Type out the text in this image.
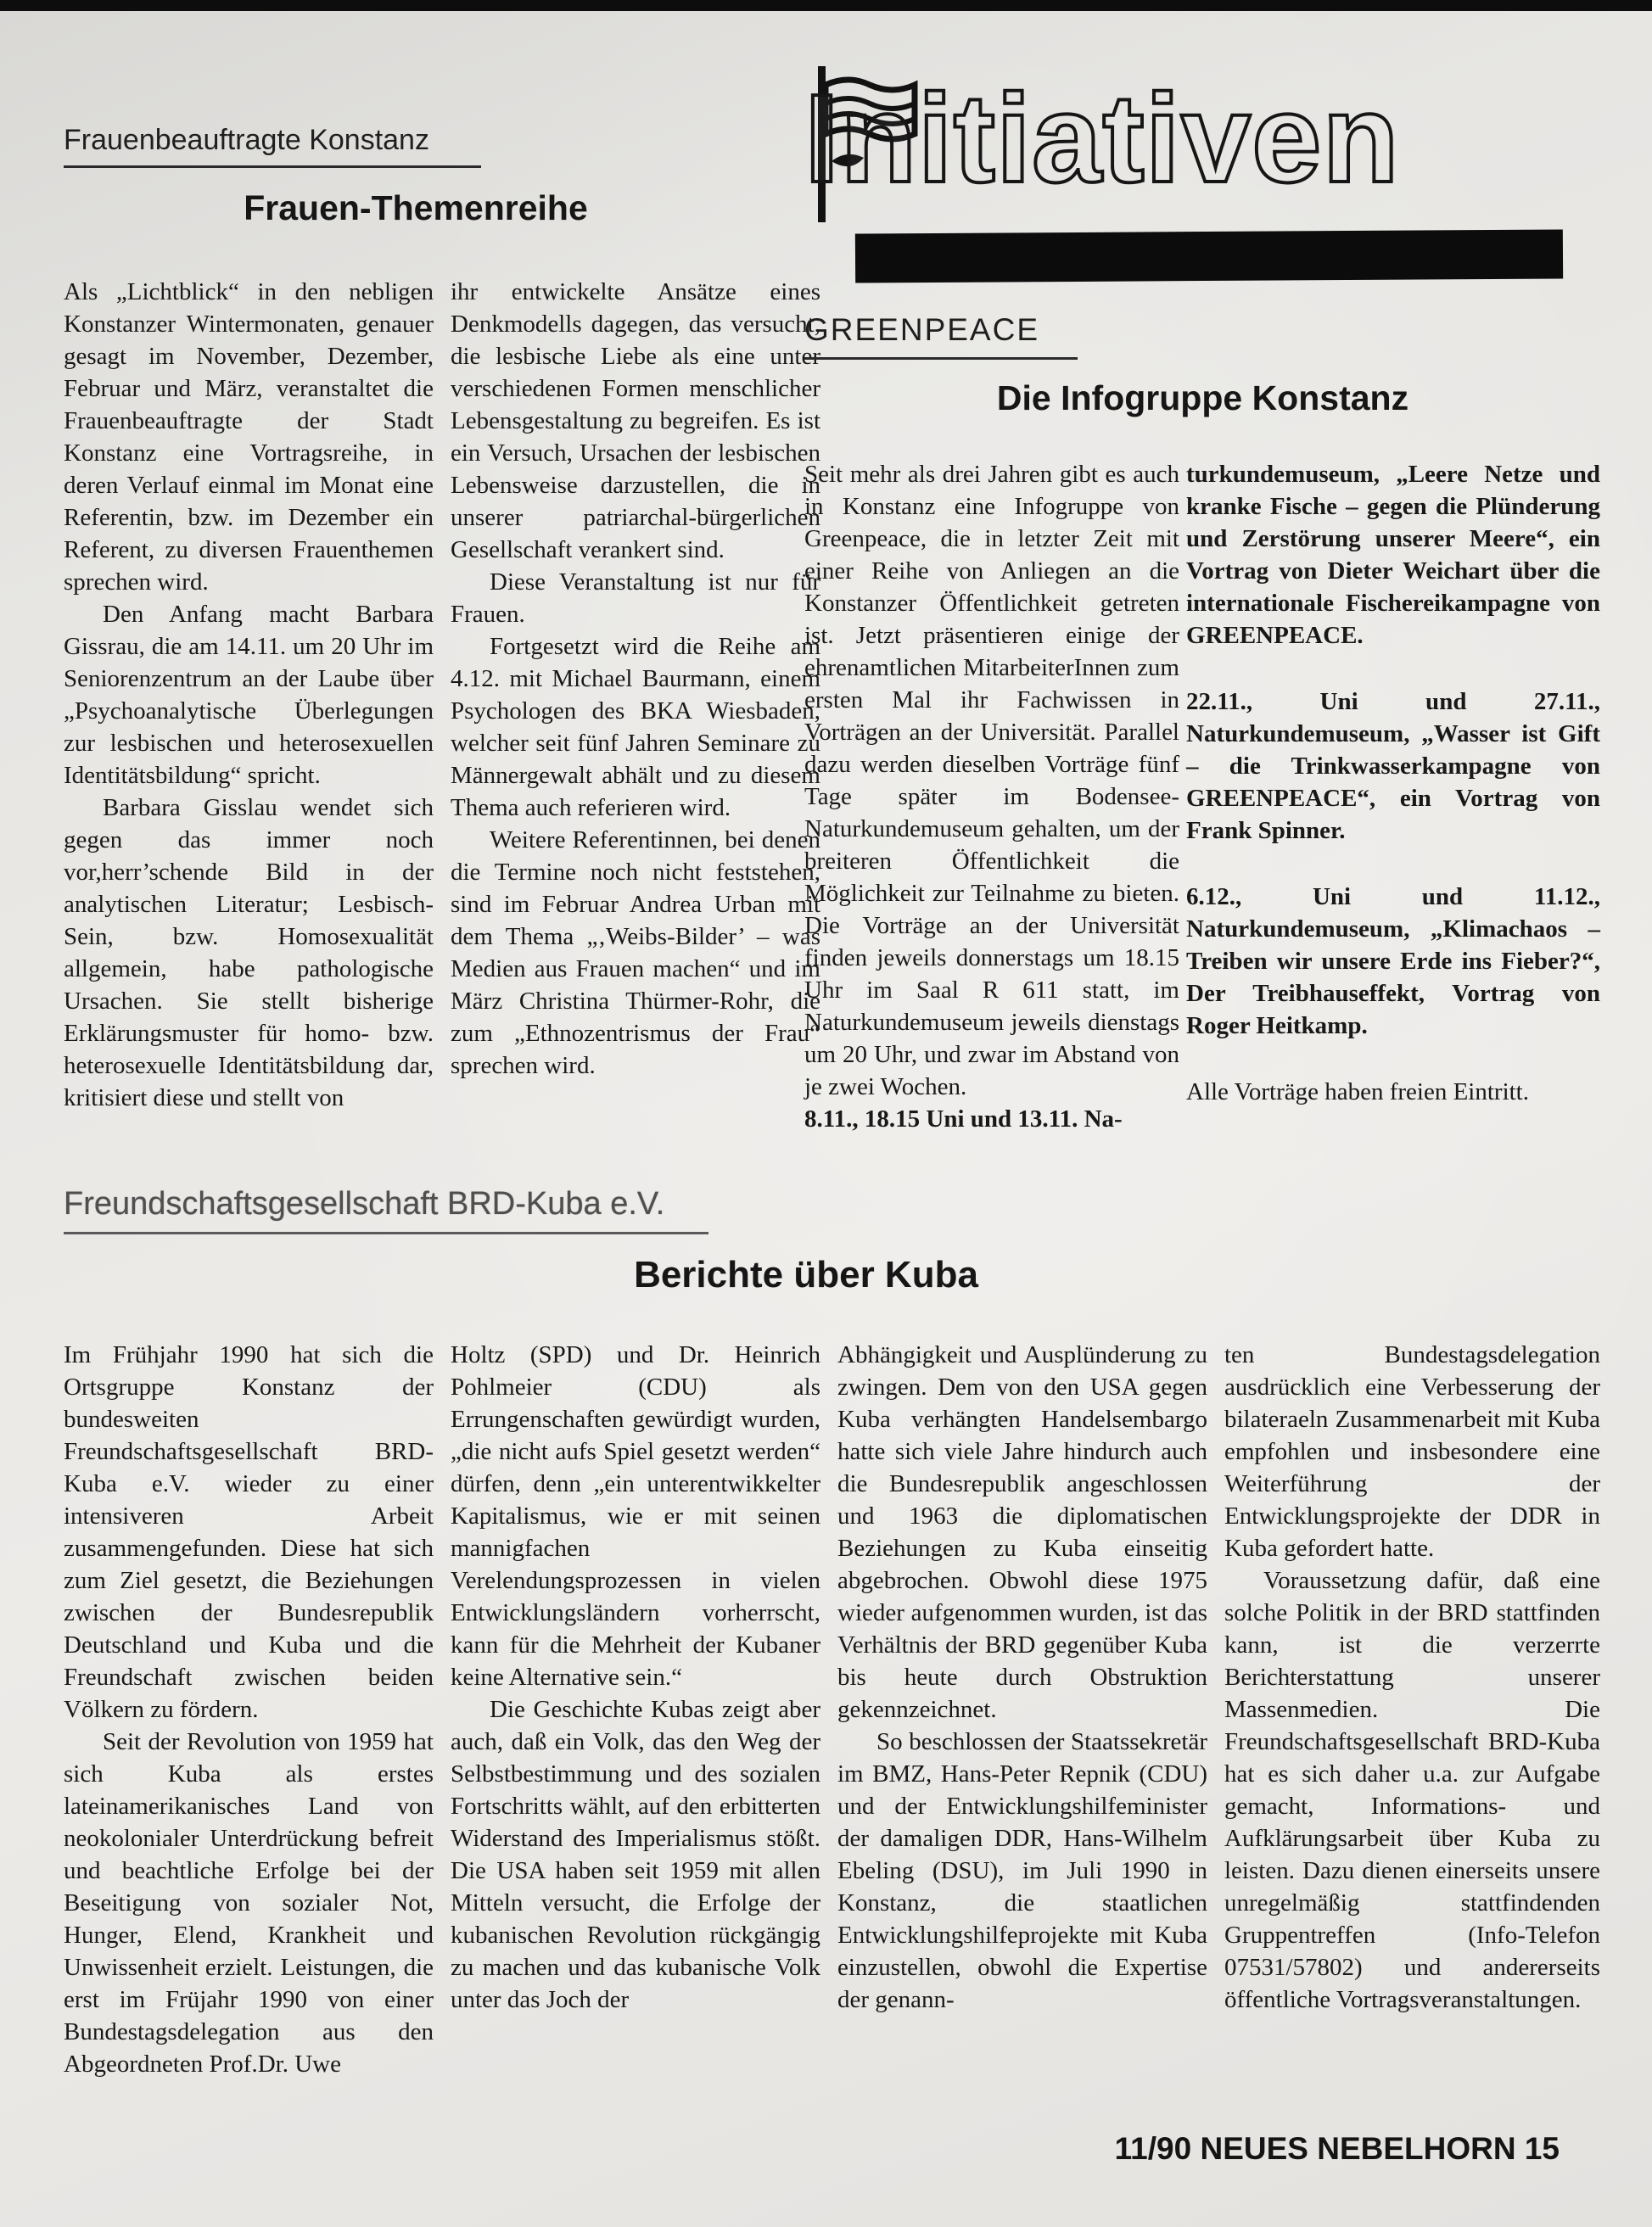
Frauenbeauftragte Konstanz
Frauen-Themenreihe	Initiativen

Als „Lichtblick“ in den nebligen Konstanzer Wintermonaten, genauer gesagt im November, Dezember, Februar und März, veranstaltet die Frauenbeauftragte der Stadt Konstanz eine Vortragsreihe, in deren Verlauf einmal im Monat eine Referentin, bzw. im Dezember ein Referent, zu diversen Frauenthemen sprechen wird.

Den Anfang macht Barbara Gissrau, die am 14.11. um 20 Uhr im Seniorenzentrum an der Laube über „Psychoanalytische Überlegungen zur lesbischen und heterosexuellen Identitätsbildung“ spricht.

Barbara Gisslau wendet sich gegen das immer noch vor,herr’schende Bild in der analytischen Literatur; Lesbisch-Sein, bzw. Homosexualität allgemein, habe pathologische Ursachen. Sie stellt bisherige Erklärungsmuster für homo- bzw. heterosexuelle Identitätsbildung dar, kritisiert diese und stellt von

ihr entwickelte Ansätze eines Denkmodells dagegen, das versucht, die lesbische Liebe als eine unter verschiedenen Formen menschlicher Lebensgestaltung zu begreifen. Es ist ein Versuch, Ursachen der lesbischen Lebensweise darzustellen, die in unserer patriarchal-bürgerlichen Gesellschaft verankert sind.

Diese Veranstaltung ist nur für Frauen.

Fortgesetzt wird die Reihe am 4.12. mit Michael Baurmann, einem Psychologen des BKA Wiesbaden, welcher seit fünf Jahren Seminare zu Männergewalt abhält und zu diesem Thema auch referieren wird.

Weitere Referentinnen, bei denen die Termine noch nicht feststehen, sind im Februar Andrea Urban mit dem Thema „‚Weibs-Bilder’ – was Medien aus Frauen machen“ und im März Christina Thürmer-Rohr, die zum „Ethnozentrismus der Frau“ sprechen wird.

GREENPEACE
Die Infogruppe Konstanz

Seit mehr als drei Jahren gibt es auch in Konstanz eine Infogruppe von Greenpeace, die in letzter Zeit mit einer Reihe von Anliegen an die Konstanzer Öffentlichkeit getreten ist. Jetzt präsentieren einige der ehrenamtlichen MitarbeiterInnen zum ersten Mal ihr Fachwissen in Vorträgen an der Universität. Parallel dazu werden dieselben Vorträge fünf Tage später im Bodensee-Naturkundemuseum gehalten, um der breiteren Öffentlichkeit die Möglichkeit zur Teilnahme zu bieten. Die Vorträge an der Universität finden jeweils donnerstags um 18.15 Uhr im Saal R 611 statt, im Naturkundemuseum jeweils dienstags um 20 Uhr, und zwar im Abstand von je zwei Wochen.

8.11., 18.15 Uni und 13.11. Na-

turkundemuseum, „Leere Netze und kranke Fische – gegen die Plünderung und Zerstörung unserer Meere“, ein Vortrag von Dieter Weichart über die internationale Fischereikampagne von GREENPEACE.

22.11., Uni und 27.11., Naturkundemuseum, „Wasser ist Gift – die Trinkwasserkampagne von GREENPEACE“, ein Vortrag von Frank Spinner.

6.12., Uni und 11.12., Naturkundemuseum, „Klimachaos – Treiben wir unsere Erde ins Fieber?“, Der Treibhauseffekt, Vortrag von Roger Heitkamp.

Alle Vorträge haben freien Eintritt.

Freundschaftsgesellschaft BRD-Kuba e.V.
Berichte über Kuba

Im Frühjahr 1990 hat sich die Ortsgruppe Konstanz der bundesweiten Freundschaftsgesellschaft BRD-Kuba e.V. wieder zu einer intensiveren Arbeit zusammengefunden. Diese hat sich zum Ziel gesetzt, die Beziehungen zwischen der Bundesrepublik Deutschland und Kuba und die Freundschaft zwischen beiden Völkern zu fördern.

Seit der Revolution von 1959 hat sich Kuba als erstes lateinamerikanisches Land von neokolonialer Unterdrückung befreit und beachtliche Erfolge bei der Beseitigung von sozialer Not, Hunger, Elend, Krankheit und Unwissenheit erzielt. Leistungen, die erst im Früjahr 1990 von einer Bundestagsdelegation aus den Abgeordneten Prof.Dr. Uwe

Holtz (SPD) und Dr. Heinrich Pohlmeier (CDU) als Errungenschaften gewürdigt wurden, „die nicht aufs Spiel gesetzt werden“ dürfen, denn „ein unterentwikkelter Kapitalismus, wie er mit seinen mannigfachen Verelendungsprozessen in vielen Entwicklungsländern vorherrscht, kann für die Mehrheit der Kubaner keine Alternative sein.“

Die Geschichte Kubas zeigt aber auch, daß ein Volk, das den Weg der Selbstbestimmung und des sozialen Fortschritts wählt, auf den erbitterten Widerstand des Imperialismus stößt. Die USA haben seit 1959 mit allen Mitteln versucht, die Erfolge der kubanischen Revolution rückgängig zu machen und das kubanische Volk unter das Joch der

Abhängigkeit und Ausplünderung zu zwingen. Dem von den USA gegen Kuba verhängten Handelsembargo hatte sich viele Jahre hindurch auch die Bundesrepublik angeschlossen und 1963 die diplomatischen Beziehungen zu Kuba einseitig abgebrochen. Obwohl diese 1975 wieder aufgenommen wurden, ist das Verhältnis der BRD gegenüber Kuba bis heute durch Obstruktion gekennzeichnet.

So beschlossen der Staatssekretär im BMZ, Hans-Peter Repnik (CDU) und der Entwicklungshilfeminister der damaligen DDR, Hans-Wilhelm Ebeling (DSU), im Juli 1990 in Konstanz, die staatlichen Entwicklungshilfeprojekte mit Kuba einzustellen, obwohl die Expertise der genann-

ten Bundestagsdelegation ausdrücklich eine Verbesserung der bilateraeln Zusammenarbeit mit Kuba empfohlen und insbesondere eine Weiterführung der Entwicklungsprojekte der DDR in Kuba gefordert hatte.

Voraussetzung dafür, daß eine solche Politik in der BRD stattfinden kann, ist die verzerrte Berichterstattung unserer Massenmedien. Die Freundschaftsgesellschaft BRD-Kuba hat es sich daher u.a. zur Aufgabe gemacht, Informations- und Aufklärungsarbeit über Kuba zu leisten. Dazu dienen einerseits unsere unregelmäßig stattfindenden Gruppentreffen (Info-Telefon 07531/57802) und andererseits öffentliche Vortragsveranstaltungen.

11/90 NEUES NEBELHORN 15
